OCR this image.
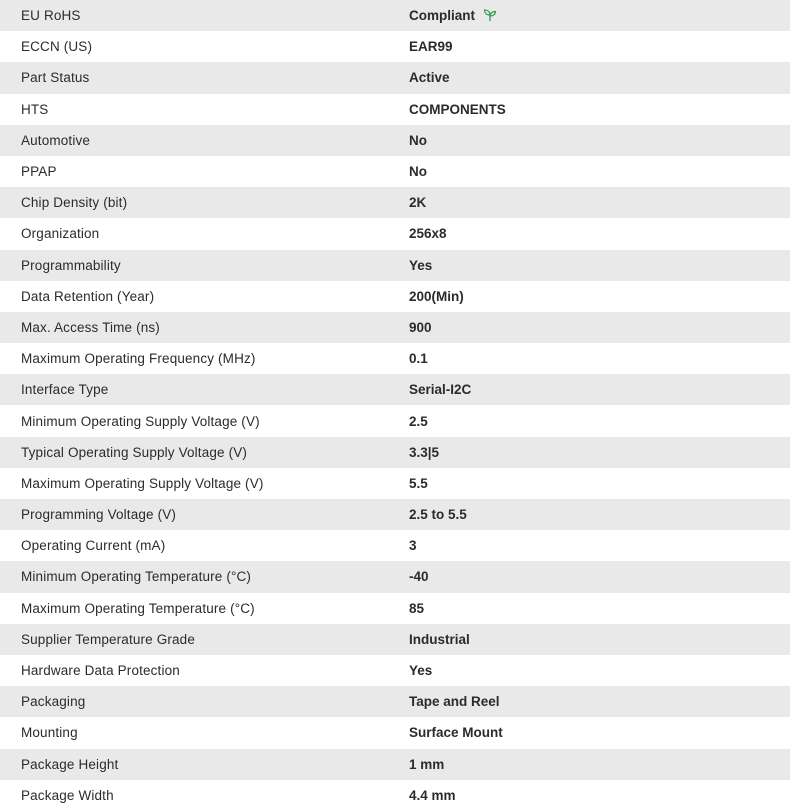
EU RoHS	Compliant
ECCN (US)	EAR99
Part Status	Active
HTS	COMPONENTS
Automotive	No
PPAP	No
Chip Density (bit)	2K
Organization	256x8
Programmability	Yes
Data Retention (Year)	200(Min)
Max. Access Time (ns)	900
Maximum Operating Frequency (MHz)	0.1
Interface Type	Serial-I2C
Minimum Operating Supply Voltage (V)	2.5
Typical Operating Supply Voltage (V)	3.3|5
Maximum Operating Supply Voltage (V)	5.5
Programming Voltage (V)	2.5 to 5.5
Operating Current (mA)	3
Minimum Operating Temperature (°C)	-40
Maximum Operating Temperature (°C)	85
Supplier Temperature Grade	Industrial
Hardware Data Protection	Yes
Packaging	Tape and Reel
Mounting	Surface Mount
Package Height	1 mm
Package Width	4.4 mm
